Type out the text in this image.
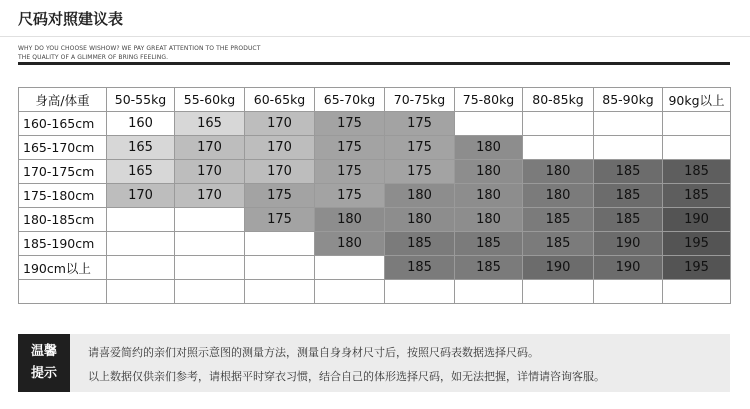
尺码对照建议表
WHY DO YOU CHOOSE WISHOW? WE PAY GREAT ATTENTION TO THE PRODUCT
THE QUALITY OF A GLIMMER OF BRING FEELING.
身高/体重	50-55kg	55-60kg	60-65kg	65-70kg	70-75kg	75-80kg	80-85kg	85-90kg	90kg以上
160-165cm	160	165	170	175	175				
165-170cm	165	170	170	175	175	180			
170-175cm	165	170	170	175	175	180	180	185	185
175-180cm	170	170	175	175	180	180	180	185	185
180-185cm			175	180	180	180	185	185	190
185-190cm				180	185	185	185	190	195
190cm以上					185	185	190	190	195

温馨
提示
请喜爱简约的亲们对照示意图的测量方法，测量自身身材尺寸后，按照尺码表数据选择尺码。
以上数据仅供亲们参考，请根据平时穿衣习惯，结合自己的体形选择尺码，如无法把握，详情请咨询客服。
